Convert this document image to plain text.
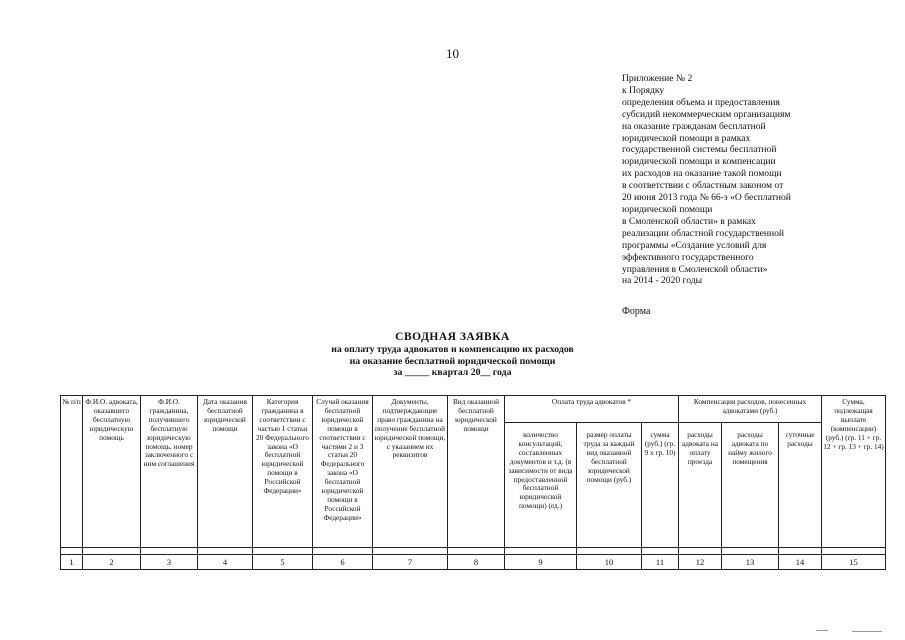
10
Приложение № 2
к Порядку
определения объема и предоставления
субсидий некоммерческим организациям
на оказание гражданам бесплатной
юридической помощи в рамках
государственной системы бесплатной
юридической помощи и компенсации
их расходов на оказание такой помощи
в соответствии с областным законом от
20 июня 2013 года № 66-з «О бесплатной
юридической помощи
в Смоленской области» в рамках
реализации областной государственной
программы «Создание условий для
эффективного государственного
управления в Смоленской области»
на 2014 - 2020 годы
Форма
СВОДНАЯ ЗАЯВКА
на оплату труда адвокатов и компенсацию их расходов
на оказание бесплатной юридической помощи
за _____ квартал 20__ года
№ п/п	Ф.И.О. адвоката, оказавшего бесплатную юридическую помощь	Ф.И.О. гражданина, получившего бесплатную юридическую помощь, номер заключенного с ним соглашения	Дата оказания бесплатной юридической помощи	Категория гражданина в соответствии с частью 1 статьи 20 Федерального закона «О бесплатной юридической помощи в Российской Федерации»	Случай оказания бесплатной юридической помощи в соответствии с частями 2 и 3 статьи 20 Федерального закона «О бесплатной юридической помощи в Российской Федерации»	Документы, подтверждающие право гражданина на получение бесплатной юридической помощи, с указанием их реквизитов	Вид оказанной бесплатной юридической помощи	Оплата труда адвокатов *			Компенсация расходов, понесенных адвокатами (руб.)			Сумма, подлежащая выплате (компенсации) (руб.) (гр. 11 + гр. 12 + гр. 13 + гр. 14)
								количество консультаций, составленных документов и т.д. (в зависимости от вида предоставленной бесплатной юридической помощи) (ед.)	размер оплаты труда за каждый вид оказанной бесплатной юридической помощи (руб.)	сумма (руб.) (гр. 9 х гр. 10)	расходы адвоката на оплату проезда	расходы адвоката по найму жилого помещения	суточные расходы	

1	2	3	4	5	6	7	8	9	10	11	12	13	14	15
